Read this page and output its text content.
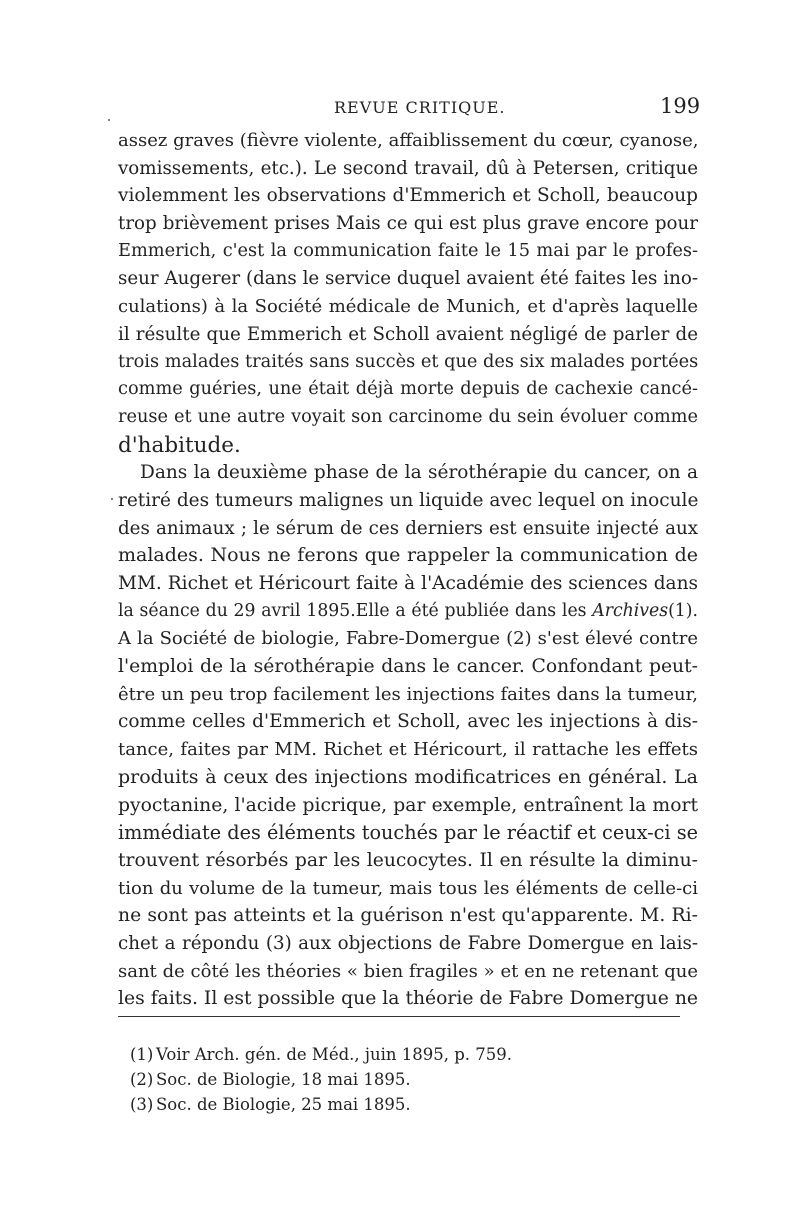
REVUE CRITIQUE.	199
assez graves (fièvre violente, affaiblissement du cœur, cyanose,
vomissements, etc.). Le second travail, dû à Petersen, critique
violemment les observations d'Emmerich et Scholl, beaucoup
trop brièvement prises Mais ce qui est plus grave encore pour
Emmerich, c'est la communication faite le 15 mai par le profes-
seur Augerer (dans le service duquel avaient été faites les ino-
culations) à la Société médicale de Munich, et d'après laquelle
il résulte que Emmerich et Scholl avaient négligé de parler de
trois malades traités sans succès et que des six malades portées
comme guéries, une était déjà morte depuis de cachexie cancé-
reuse et une autre voyait son carcinome du sein évoluer comme
d'habitude.
Dans la deuxième phase de la sérothérapie du cancer, on a
retiré des tumeurs malignes un liquide avec lequel on inocule
des animaux ; le sérum de ces derniers est ensuite injecté aux
malades. Nous ne ferons que rappeler la communication de
MM. Richet et Héricourt faite à l'Académie des sciences dans
la séance du 29 avril 1895.Elle a été publiée dans les Archives(1).
A la Société de biologie, Fabre-Domergue (2) s'est élevé contre
l'emploi de la sérothérapie dans le cancer. Confondant peut-
être un peu trop facilement les injections faites dans la tumeur,
comme celles d'Emmerich et Scholl, avec les injections à dis-
tance, faites par MM. Richet et Héricourt, il rattache les effets
produits à ceux des injections modificatrices en général. La
pyoctanine, l'acide picrique, par exemple, entraînent la mort
immédiate des éléments touchés par le réactif et ceux-ci se
trouvent résorbés par les leucocytes. Il en résulte la diminu-
tion du volume de la tumeur, mais tous les éléments de celle-ci
ne sont pas atteints et la guérison n'est qu'apparente. M. Ri-
chet a répondu (3) aux objections de Fabre Domergue en lais-
sant de côté les théories « bien fragiles » et en ne retenant que
les faits. Il est possible que la théorie de Fabre Domergue ne
(1) Voir Arch. gén. de Méd., juin 1895, p. 759.
(2) Soc. de Biologie, 18 mai 1895.
(3) Soc. de Biologie, 25 mai 1895.
